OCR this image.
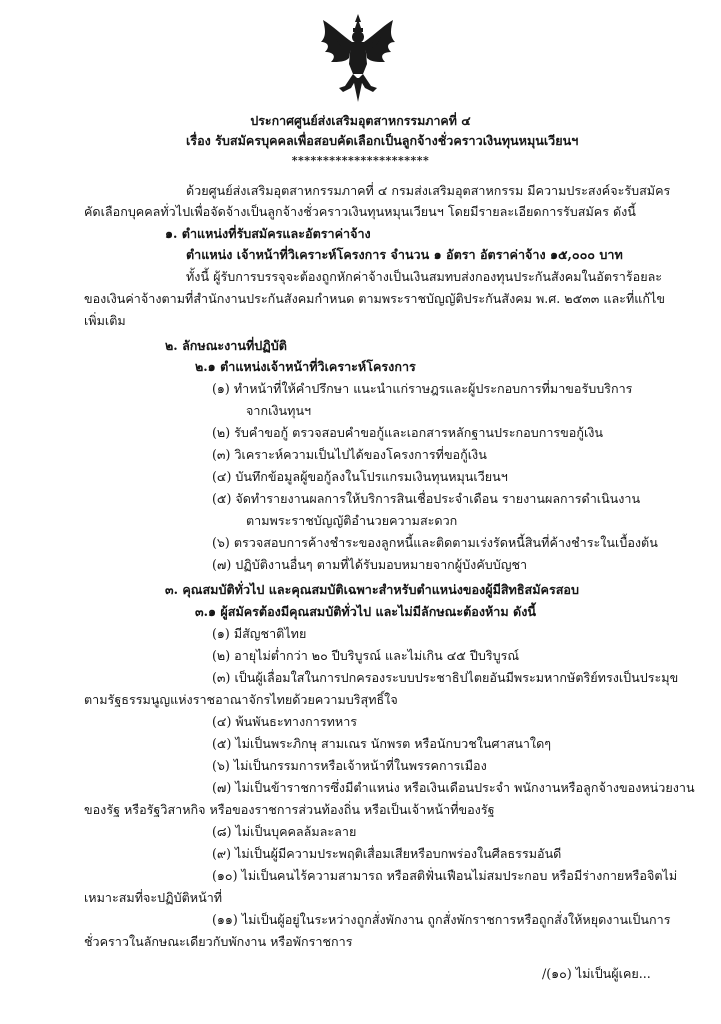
ประกาศศูนย์ส่งเสริมอุตสาหกรรมภาคที่ ๔
เรื่อง รับสมัครบุคคลเพื่อสอบคัดเลือกเป็นลูกจ้างชั่วคราวเงินทุนหมุนเวียนฯ
**********************
ด้วยศูนย์ส่งเสริมอุตสาหกรรมภาคที่ ๔ กรมส่งเสริมอุตสาหกรรม มีความประสงค์จะรับสมัคร
คัดเลือกบุคคลทั่วไปเพื่อจัดจ้างเป็นลูกจ้างชั่วคราวเงินทุนหมุนเวียนฯ โดยมีรายละเอียดการรับสมัคร ดังนี้
๑. ตำแหน่งที่รับสมัครและอัตราค่าจ้าง
ตำแหน่ง เจ้าหน้าที่วิเคราะห์โครงการ จำนวน ๑ อัตรา อัตราค่าจ้าง ๑๕,๐๐๐ บาท
ทั้งนี้ ผู้รับการบรรจุจะต้องถูกหักค่าจ้างเป็นเงินสมทบส่งกองทุนประกันสังคมในอัตราร้อยละ
ของเงินค่าจ้างตามที่สำนักงานประกันสังคมกำหนด ตามพระราชบัญญัติประกันสังคม พ.ศ. ๒๕๓๓ และที่แก้ไข
เพิ่มเติม
๒. ลักษณะงานที่ปฏิบัติ
๒.๑ ตำแหน่งเจ้าหน้าที่วิเคราะห์โครงการ
(๑) ทำหน้าที่ให้คำปรึกษา แนะนำแก่ราษฎรและผู้ประกอบการที่มาขอรับบริการ
จากเงินทุนฯ
(๒) รับคำขอกู้ ตรวจสอบคำขอกู้และเอกสารหลักฐานประกอบการขอกู้เงิน
(๓) วิเคราะห์ความเป็นไปได้ของโครงการที่ขอกู้เงิน
(๔) บันทึกข้อมูลผู้ขอกู้ลงในโปรแกรมเงินทุนหมุนเวียนฯ
(๕) จัดทำรายงานผลการให้บริการสินเชื่อประจำเดือน รายงานผลการดำเนินงาน
ตามพระราชบัญญัติอำนวยความสะดวก
(๖) ตรวจสอบการค้างชำระของลูกหนี้และติดตามเร่งรัดหนี้สินที่ค้างชำระในเบื้องต้น
(๗) ปฏิบัติงานอื่นๆ ตามที่ได้รับมอบหมายจากผู้บังคับบัญชา
๓. คุณสมบัติทั่วไป และคุณสมบัติเฉพาะสำหรับตำแหน่งของผู้มีสิทธิสมัครสอบ
๓.๑ ผู้สมัครต้องมีคุณสมบัติทั่วไป และไม่มีลักษณะต้องห้าม ดังนี้
(๑) มีสัญชาติไทย
(๒) อายุไม่ต่ำกว่า ๒๐ ปีบริบูรณ์ และไม่เกิน ๔๕ ปีบริบูรณ์
(๓) เป็นผู้เลื่อมใสในการปกครองระบบประชาธิปไตยอันมีพระมหากษัตริย์ทรงเป็นประมุข
ตามรัฐธรรมนูญแห่งราชอาณาจักรไทยด้วยความบริสุทธิ์ใจ
(๔) พ้นพันธะทางการทหาร
(๕) ไม่เป็นพระภิกษุ สามเณร นักพรต หรือนักบวชในศาสนาใดๆ
(๖) ไม่เป็นกรรมการหรือเจ้าหน้าที่ในพรรคการเมือง
(๗) ไม่เป็นข้าราชการซึ่งมีตำแหน่ง หรือเงินเดือนประจำ พนักงานหรือลูกจ้างของหน่วยงาน
ของรัฐ หรือรัฐวิสาหกิจ หรือของราชการส่วนท้องถิ่น หรือเป็นเจ้าหน้าที่ของรัฐ
(๘) ไม่เป็นบุคคลล้มละลาย
(๙) ไม่เป็นผู้มีความประพฤติเสื่อมเสียหรือบกพร่องในศีลธรรมอันดี
(๑๐) ไม่เป็นคนไร้ความสามารถ หรือสติฟั่นเฟือนไม่สมประกอบ หรือมีร่างกายหรือจิตไม่
เหมาะสมที่จะปฏิบัติหน้าที่
(๑๑) ไม่เป็นผู้อยู่ในระหว่างถูกสั่งพักงาน ถูกสั่งพักราชการหรือถูกสั่งให้หยุดงานเป็นการ
ชั่วคราวในลักษณะเดียวกับพักงาน หรือพักราชการ
/(๑๐) ไม่เป็นผู้เคย...
